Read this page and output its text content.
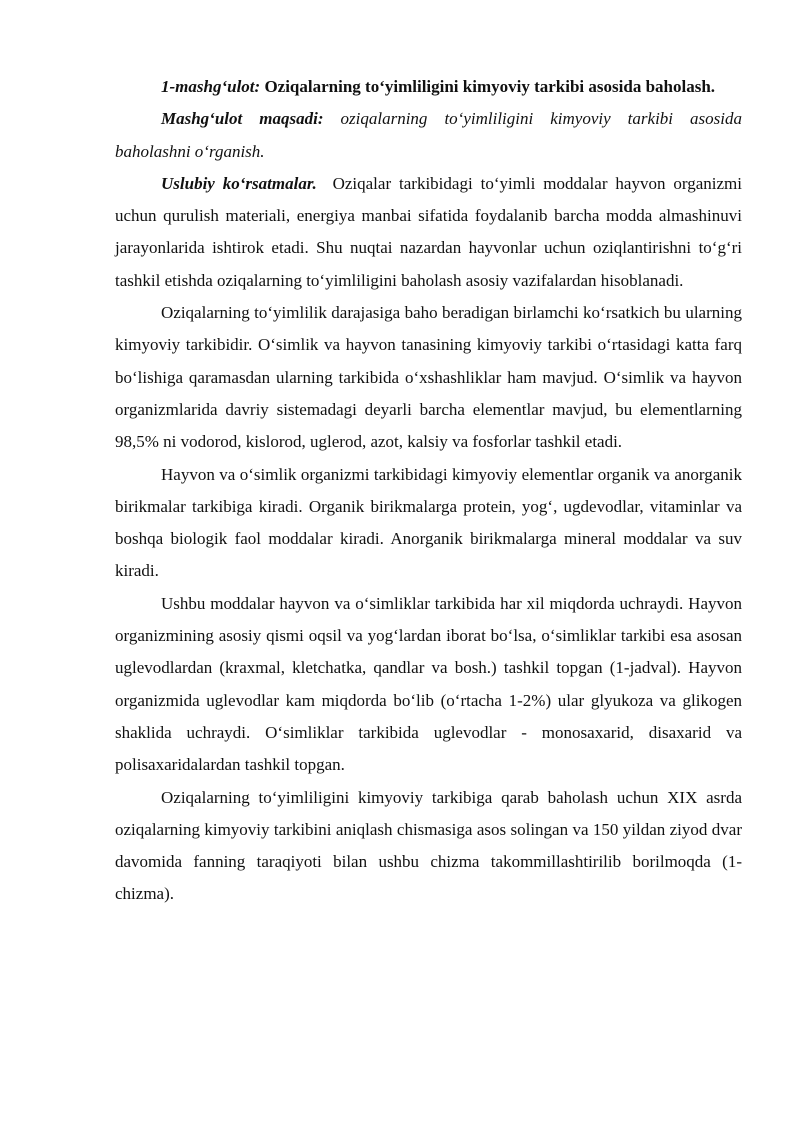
1-mashg‘ulot: Oziqalarning to‘yimliligini kimyoviy tarkibi asosida baholash.

Mashg‘ulot maqsadi: oziqalarning to‘yimliligini kimyoviy tarkibi asosida baholashni o‘rganish.

Uslubiy ko‘rsatmalar. Oziqalar tarkibidagi to‘yimli moddalar hayvon organizmi uchun qurulish materiali, energiya manbai sifatida foydalanib barcha modda almashinuvi jarayonlarida ishtirok etadi. Shu nuqtai nazardan hayvonlar uchun oziqlantirishni to‘g‘ri tashkil etishda oziqalarning to‘yimliligini baholash asosiy vazifalardan hisoblanadi.

Oziqalarning to‘yimlilik darajasiga baho beradigan birlamchi ko‘rsatkich bu ularning kimyoviy tarkibidir. O‘simlik va hayvon tanasining kimyoviy tarkibi o‘rtasidagi katta farq bo‘lishiga qaramasdan ularning tarkibida o‘xshashliklar ham mavjud. O‘simlik va hayvon organizmlarida davriy sistemadagi deyarli barcha elementlar mavjud, bu elementlarning 98,5% ni vodorod, kislorod, uglerod, azot, kalsiy va fosforlar tashkil etadi.

Hayvon va o‘simlik organizmi tarkibidagi kimyoviy elementlar organik va anorganik birikmalar tarkibiga kiradi. Organik birikmalarga protein, yog‘, ugdevodlar, vitaminlar va boshqa biologik faol moddalar kiradi. Anorganik birikmalarga mineral moddalar va suv kiradi.

Ushbu moddalar hayvon va o‘simliklar tarkibida har xil miqdorda uchraydi. Hayvon organizmining asosiy qismi oqsil va yog‘lardan iborat bo‘lsa, o‘simliklar tarkibi esa asosan uglevodlardan (kraxmal, kletchatka, qandlar va bosh.) tashkil topgan (1-jadval). Hayvon organizmida uglevodlar kam miqdorda bo‘lib (o‘rtacha 1-2%) ular glyukoza va glikogen shaklida uchraydi. O‘simliklar tarkibida uglevodlar - monosaxarid, disaxarid va polisaxaridalardan tashkil topgan.

Oziqalarning to‘yimliligini kimyoviy tarkibiga qarab baholash uchun XIX asrda oziqalarning kimyoviy tarkibini aniqlash chismasiga asos solingan va 150 yildan ziyod dvar davomida fanning taraqiyoti bilan ushbu chizma takommillashtirilib borilmoqda (1-chizma).
